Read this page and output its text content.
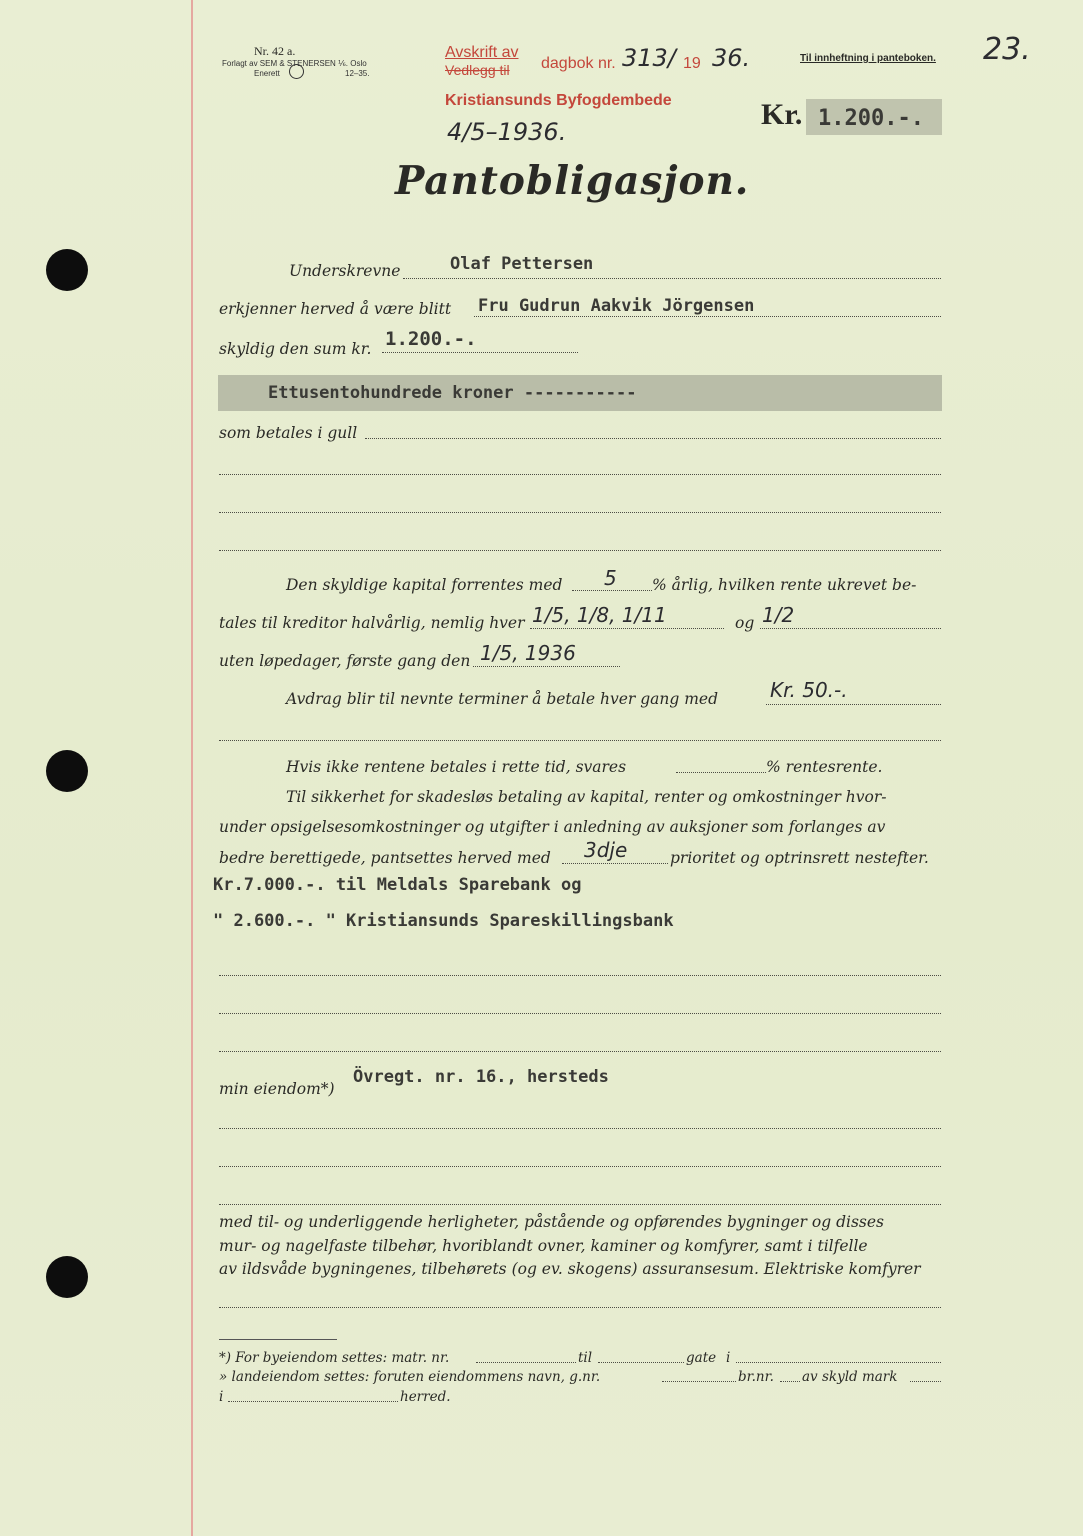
Nr. 42 a.
Forlagt av SEM & STENERSEN ⅙. Oslo
Enerett	12–35.
Avskrift av
Vedlegg til dagbok nr. 313/ 19 36.
Kristiansunds Byfogdembede
Til innheftning i panteboken. 23.
4/5–1936.
Kr. 1.200.-.
Pantobligasjon.
Underskrevne	Olaf Pettersen
erkjenner herved å være blitt Fru Gudrun Aakvik Jörgensen
skyldig den sum kr. 1.200.-.
Ettusentohundrede kroner -----------
som betales i gull
Den skyldige kapital forrentes med 5 % årlig, hvilken rente ukrevet be-
tales til kreditor halvårlig, nemlig hver 1/5, 1/8, 1/11	og 1/2
uten løpedager, første gang den 1/5, 1936
Avdrag blir til nevnte terminer å betale hver gang med	Kr. 50.-.
Hvis ikke rentene betales i rette tid, svares	% rentesrente.
Til sikkerhet for skadesløs betaling av kapital, renter og omkostninger hvor-
under opsigelsesomkostninger og utgifter i anledning av auksjoner som forlanges av
bedre berettigede, pantsettes herved med 3dje	prioritet og optrinsrett nestefter.
Kr.7.000.-. til Meldals Sparebank og
" 2.600.-. " Kristiansunds Spareskillingsbank
min eiendom*)
Övregt. nr. 16., hersteds
med til- og underliggende herligheter, påstående og opførendes bygninger og disses
mur- og nagelfaste tilbehør, hvoriblandt ovner, kaminer og komfyrer, samt i tilfelle
av ildsvåde bygningenes, tilbehørets (og ev. skogens) assuransesum. Elektriske komfyrer
*) For byeiendom settes: matr. nr.	til	gate i
» landeiendom settes: foruten eiendommens navn, g.nr.	br.nr. av skyld mark
i	herred.
